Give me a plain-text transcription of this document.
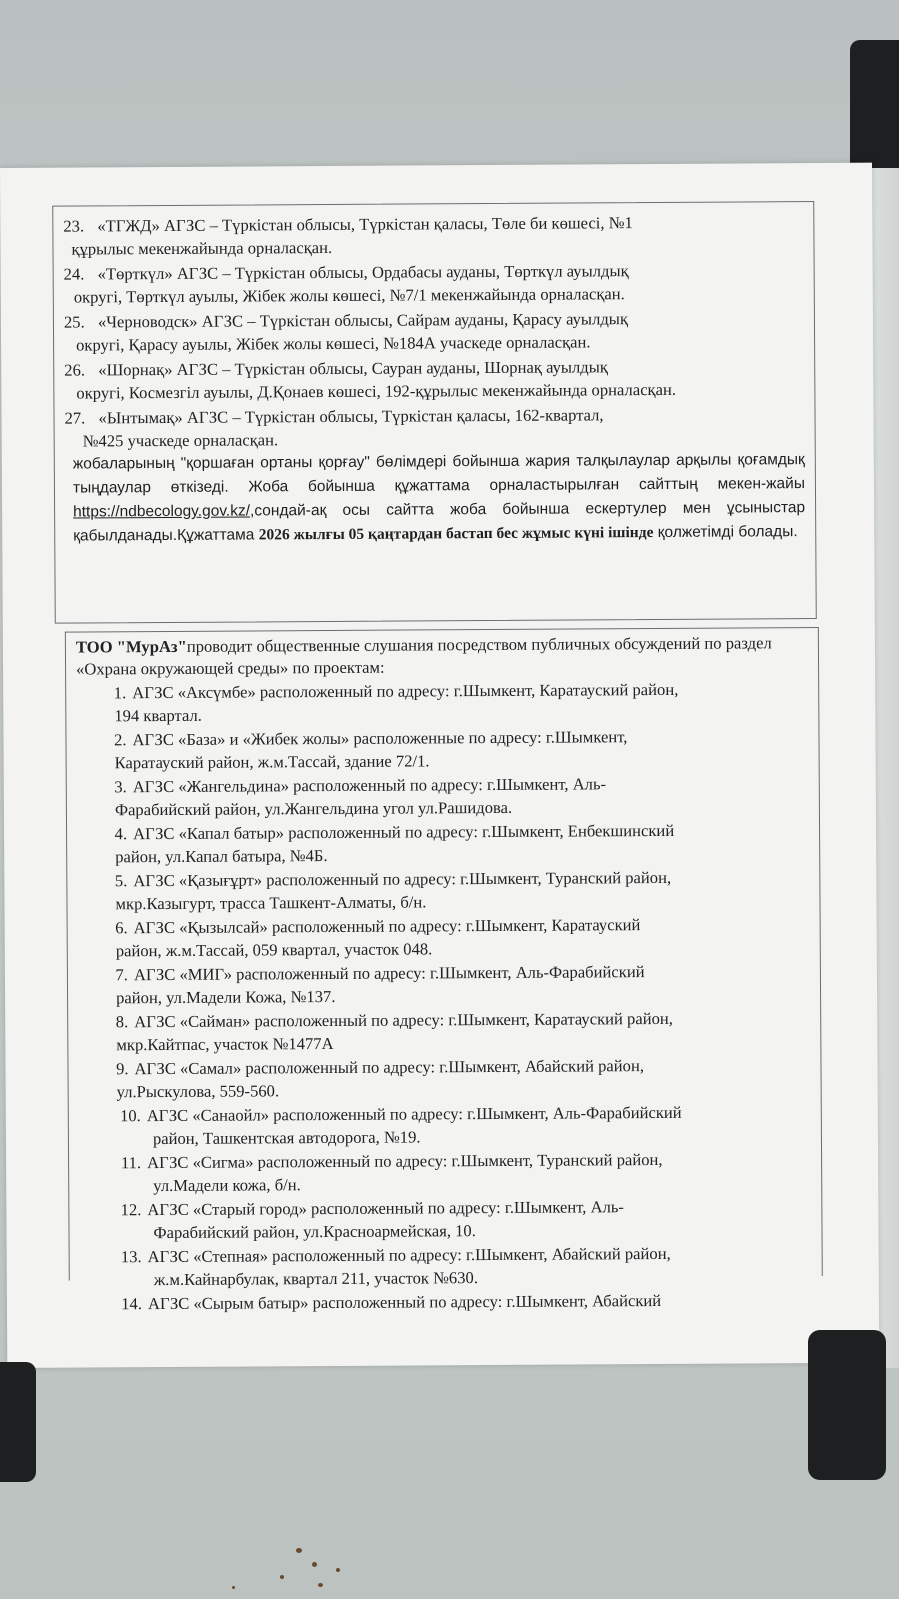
23. «ТГЖД» АГЗС – Түркістан облысы, Түркістан қаласы, Төле би көшесі, №1
құрылыс мекенжайында орналасқан.
24. «Төрткүл» АГЗС – Түркістан облысы, Ордабасы ауданы, Төрткүл ауылдық
округі, Төрткүл ауылы, Жібек жолы көшесі, №7/1 мекенжайында орналасқан.
25. «Черноводск» АГЗС – Түркістан облысы, Сайрам ауданы, Қарасу ауылдық
округі, Қарасу ауылы, Жібек жолы көшесі, №184А учаскеде орналасқан.
26. «Шорнақ» АГЗС – Түркістан облысы, Сауран ауданы, Шорнақ ауылдық
округі, Космезгіл ауылы, Д.Қонаев көшесі, 192-құрылыс мекенжайында орналасқан.
27. «Ынтымақ» АГЗС – Түркістан облысы, Түркістан қаласы, 162-квартал,
№425 учаскеде орналасқан.
жобаларының "қоршаған ортаны қорғау" бөлімдері бойынша жария талқылаулар арқылы қоғамдық тыңдаулар өткізеді. Жоба бойынша құжаттама орналастырылған сайттың мекен-жайы https://ndbecology.gov.kz/,сондай-ақ осы сайтта жоба бойынша ескертулер мен ұсыныстар қабылданады.Құжаттама 2026 жылғы 05 қаңтардан бастап бес жұмыс күні ішінде қолжетімді болады.
ТОО "МурАз"проводит общественные слушания посредством публичных обсуждений по раздел «Охрана окружающей среды» по проектам:
1. АГЗС «Аксүмбе» расположенный по адресу: г.Шымкент, Каратауский район,
194 квартал.
2. АГЗС «База» и «Жибек жолы» расположенные по адресу: г.Шымкент,
Каратауский район, ж.м.Тассай, здание 72/1.
3. АГЗС «Жангельдина» расположенный по адресу: г.Шымкент, Аль-
Фарабийский район, ул.Жангельдина угол ул.Рашидова.
4. АГЗС «Капал батыр» расположенный по адресу: г.Шымкент, Енбекшинский
район, ул.Капал батыра, №4Б.
5. АГЗС «Қазығұрт» расположенный по адресу: г.Шымкент, Туранский район,
мкр.Казыгурт, трасса Ташкент-Алматы, б/н.
6. АГЗС «Қызылсай» расположенный по адресу: г.Шымкент, Каратауский
район, ж.м.Тассай, 059 квартал, участок 048.
7. АГЗС «МИГ» расположенный по адресу: г.Шымкент, Аль-Фарабийский
район, ул.Мадели Кожа, №137.
8. АГЗС «Сайман» расположенный по адресу: г.Шымкент, Каратауский район,
мкр.Кайтпас, участок №1477А
9. АГЗС «Самал» расположенный по адресу: г.Шымкент, Абайский район,
ул.Рыскулова, 559-560.
10. АГЗС «Санаойл» расположенный по адресу: г.Шымкент, Аль-Фарабийский
район, Ташкентская автодорога, №19.
11. АГЗС «Сигма» расположенный по адресу: г.Шымкент, Туранский район,
ул.Мадели кожа, б/н.
12. АГЗС «Старый город» расположенный по адресу: г.Шымкент, Аль-
Фарабийский район, ул.Красноармейская, 10.
13. АГЗС «Степная» расположенный по адресу: г.Шымкент, Абайский район,
ж.м.Кайнарбулак, квартал 211, участок №630.
14. АГЗС «Сырым батыр» расположенный по адресу: г.Шымкент, Абайский
